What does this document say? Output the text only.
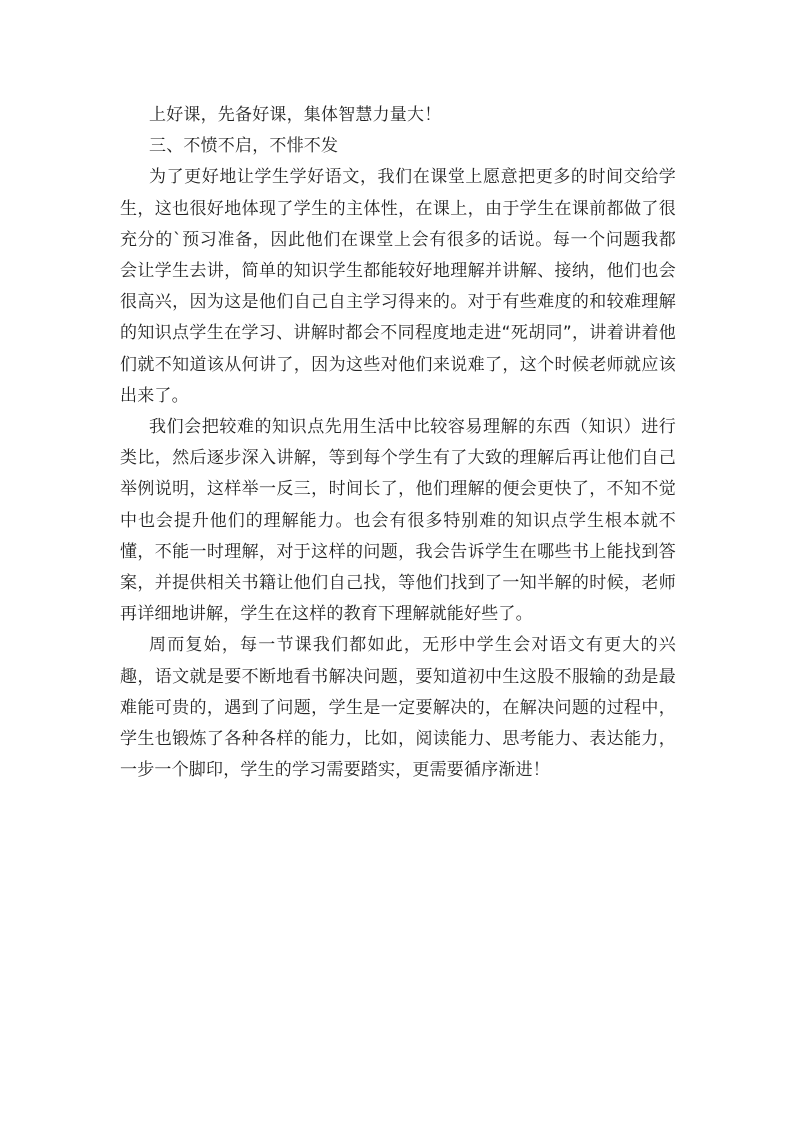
上好课，先备好课，集体智慧力量大！

三、不愤不启，不悱不发

为了更好地让学生学好语文，我们在课堂上愿意把更多的时间交给学生，这也很好地体现了学生的主体性，在课上，由于学生在课前都做了很充分的`预习准备，因此他们在课堂上会有很多的话说。每一个问题我都会让学生去讲，简单的知识学生都能较好地理解并讲解、接纳，他们也会很高兴，因为这是他们自己自主学习得来的。对于有些难度的和较难理解的知识点学生在学习、讲解时都会不同程度地走进“死胡同”，讲着讲着他们就不知道该从何讲了，因为这些对他们来说难了，这个时候老师就应该出来了。

我们会把较难的知识点先用生活中比较容易理解的东西（知识）进行类比，然后逐步深入讲解，等到每个学生有了大致的理解后再让他们自己举例说明，这样举一反三，时间长了，他们理解的便会更快了，不知不觉中也会提升他们的理解能力。也会有很多特别难的知识点学生根本就不懂，不能一时理解，对于这样的问题，我会告诉学生在哪些书上能找到答案，并提供相关书籍让他们自己找，等他们找到了一知半解的时候，老师再详细地讲解，学生在这样的教育下理解就能好些了。

周而复始，每一节课我们都如此，无形中学生会对语文有更大的兴趣，语文就是要不断地看书解决问题，要知道初中生这股不服输的劲是最难能可贵的，遇到了问题，学生是一定要解决的，在解决问题的过程中，学生也锻炼了各种各样的能力，比如，阅读能力、思考能力、表达能力，一步一个脚印，学生的学习需要踏实，更需要循序渐进！
